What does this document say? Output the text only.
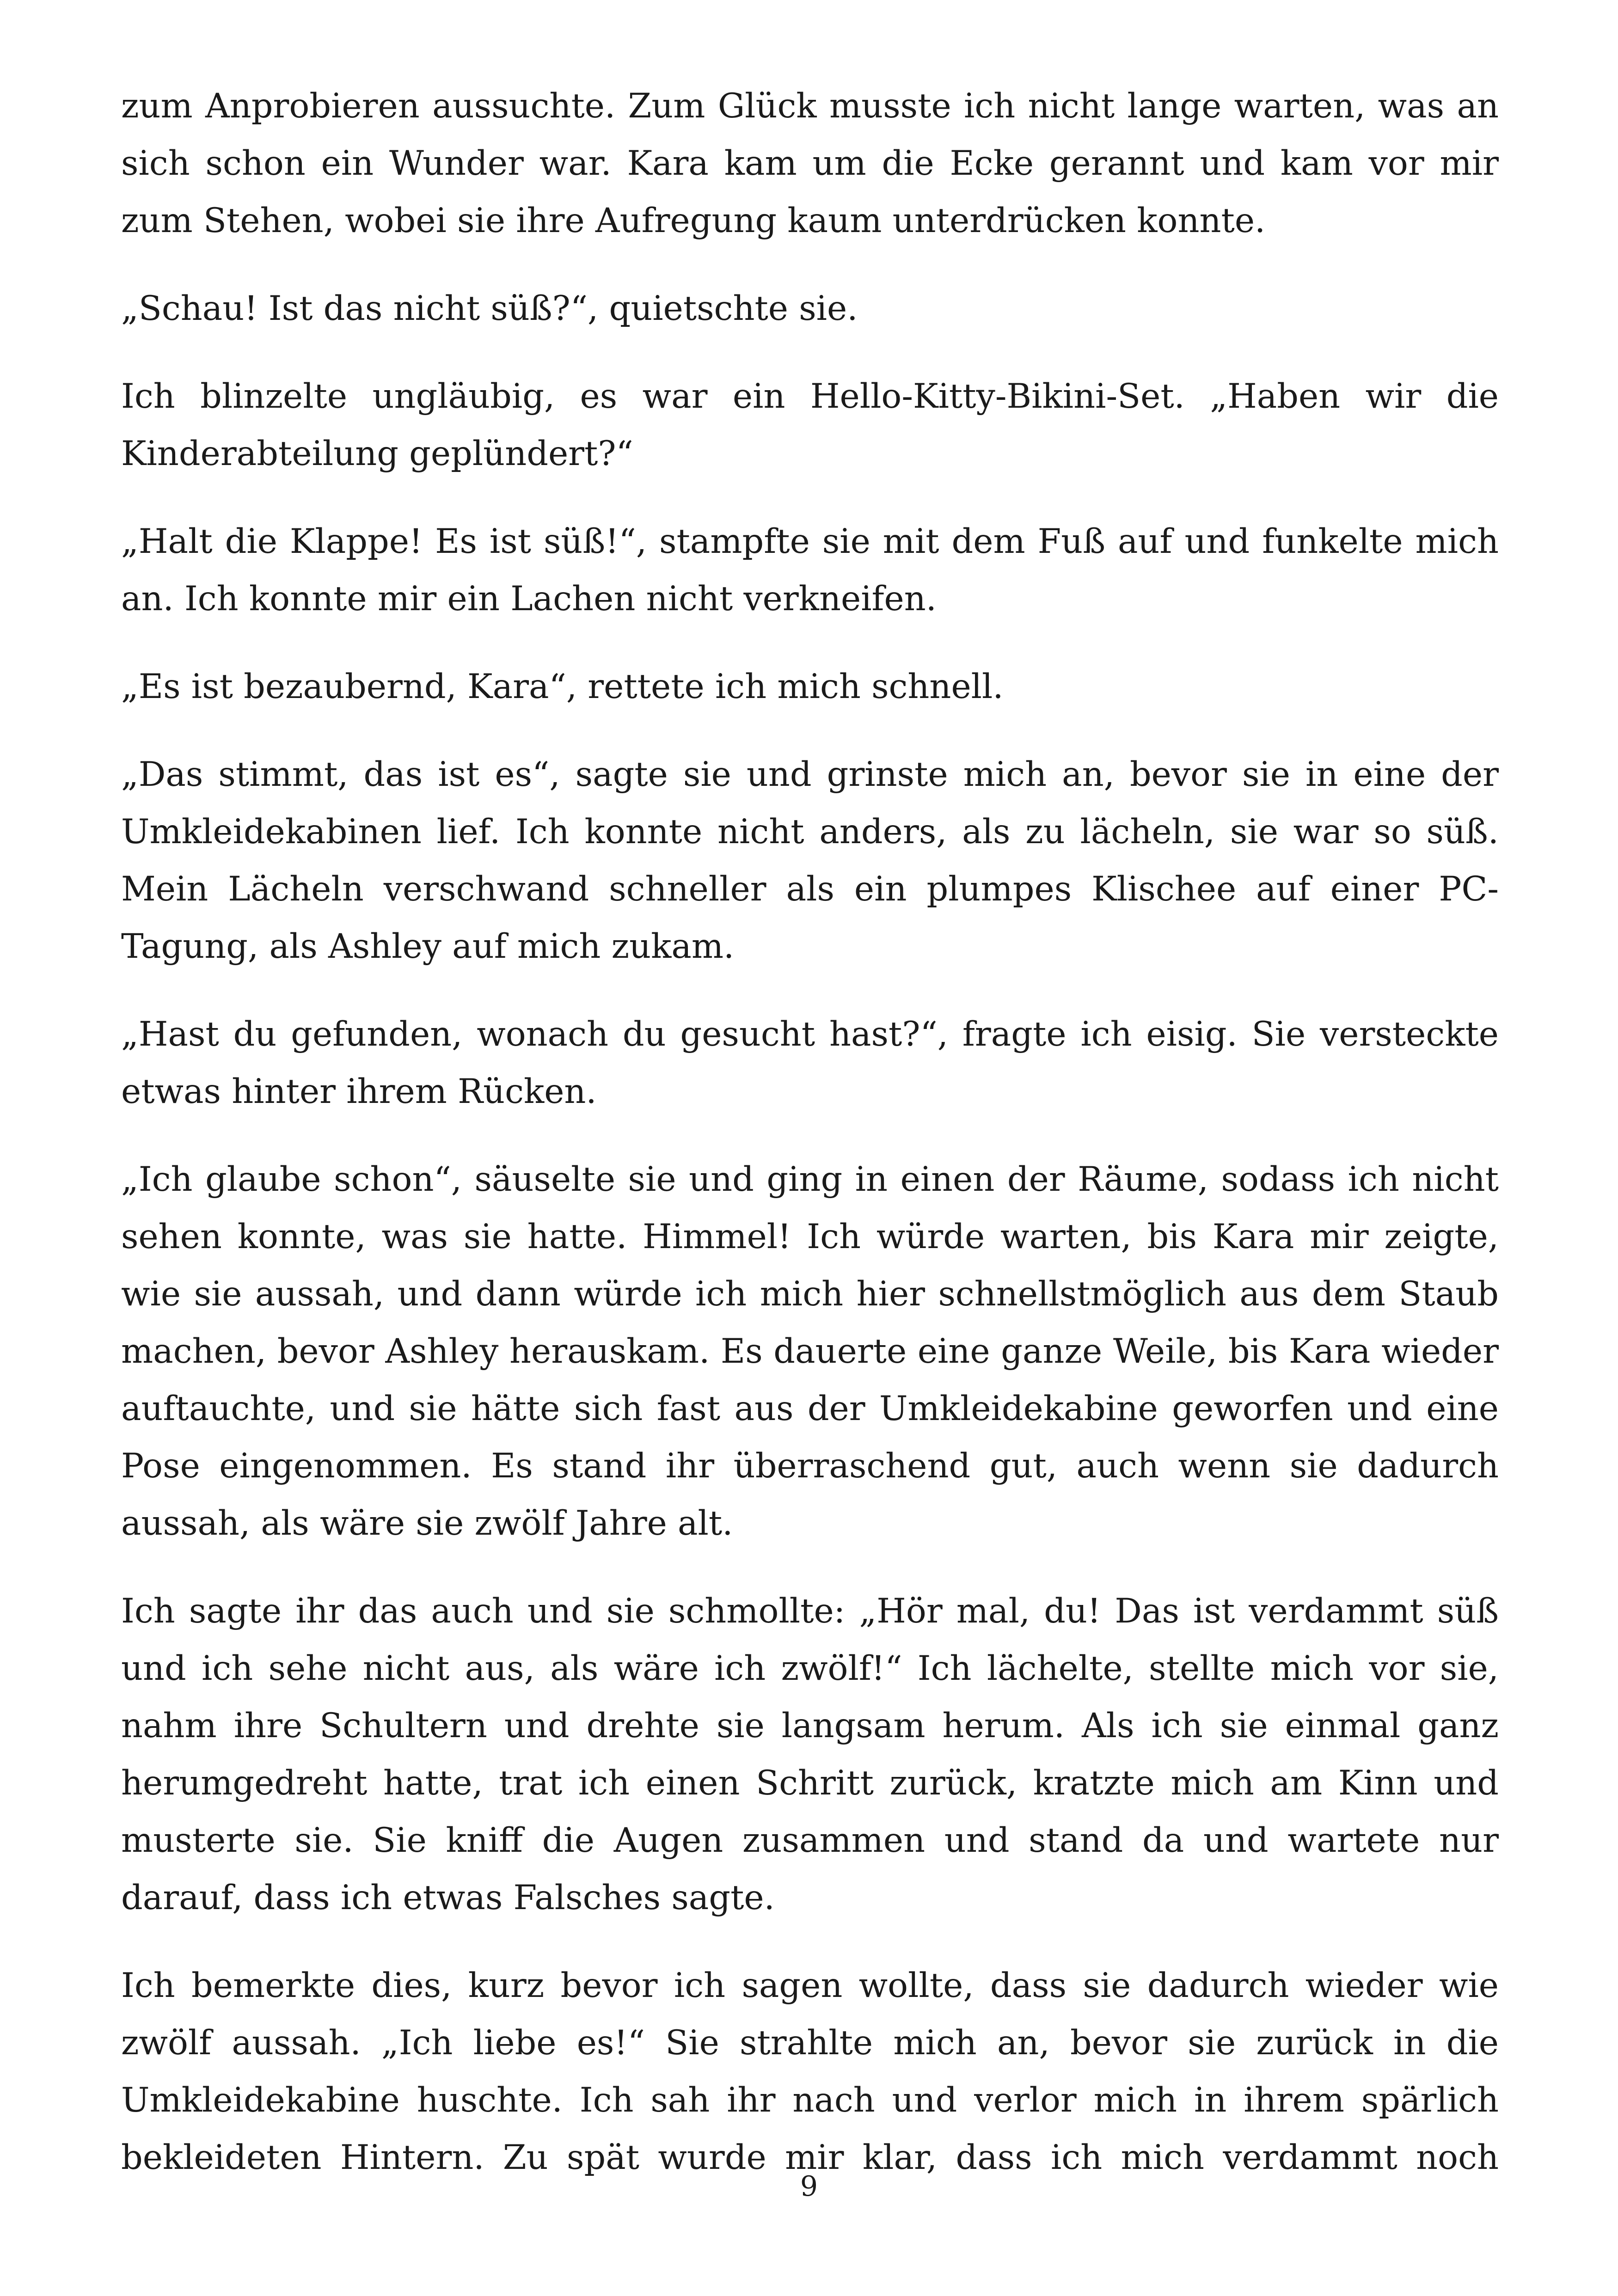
zum Anprobieren aussuchte. Zum Glück musste ich nicht lange warten, was an sich schon ein Wunder war. Kara kam um die Ecke gerannt und kam vor mir zum Stehen, wobei sie ihre Aufregung kaum unterdrücken konnte.

„Schau! Ist das nicht süß?“, quietschte sie.

Ich blinzelte ungläubig, es war ein Hello-Kitty-Bikini-Set. „Haben wir die Kinderabteilung geplündert?“

„Halt die Klappe! Es ist süß!“, stampfte sie mit dem Fuß auf und funkelte mich an. Ich konnte mir ein Lachen nicht verkneifen.

„Es ist bezaubernd, Kara“, rettete ich mich schnell.

„Das stimmt, das ist es“, sagte sie und grinste mich an, bevor sie in eine der Umkleidekabinen lief. Ich konnte nicht anders, als zu lächeln, sie war so süß. Mein Lächeln verschwand schneller als ein plumpes Klischee auf einer PC-Tagung, als Ashley auf mich zukam.

„Hast du gefunden, wonach du gesucht hast?“, fragte ich eisig. Sie versteckte etwas hinter ihrem Rücken.

„Ich glaube schon“, säuselte sie und ging in einen der Räume, sodass ich nicht sehen konnte, was sie hatte. Himmel! Ich würde warten, bis Kara mir zeigte, wie sie aussah, und dann würde ich mich hier schnellstmöglich aus dem Staub machen, bevor Ashley herauskam. Es dauerte eine ganze Weile, bis Kara wieder auftauchte, und sie hätte sich fast aus der Umkleidekabine geworfen und eine Pose eingenommen. Es stand ihr überraschend gut, auch wenn sie dadurch aussah, als wäre sie zwölf Jahre alt.

Ich sagte ihr das auch und sie schmollte: „Hör mal, du! Das ist verdammt süß und ich sehe nicht aus, als wäre ich zwölf!“ Ich lächelte, stellte mich vor sie, nahm ihre Schultern und drehte sie langsam herum. Als ich sie einmal ganz herumgedreht hatte, trat ich einen Schritt zurück, kratzte mich am Kinn und musterte sie. Sie kniff die Augen zusammen und stand da und wartete nur darauf, dass ich etwas Falsches sagte.

Ich bemerkte dies, kurz bevor ich sagen wollte, dass sie dadurch wieder wie zwölf aussah. „Ich liebe es!“ Sie strahlte mich an, bevor sie zurück in die Umkleidekabine huschte. Ich sah ihr nach und verlor mich in ihrem spärlich bekleideten Hintern. Zu spät wurde mir klar, dass ich mich verdammt noch

9
